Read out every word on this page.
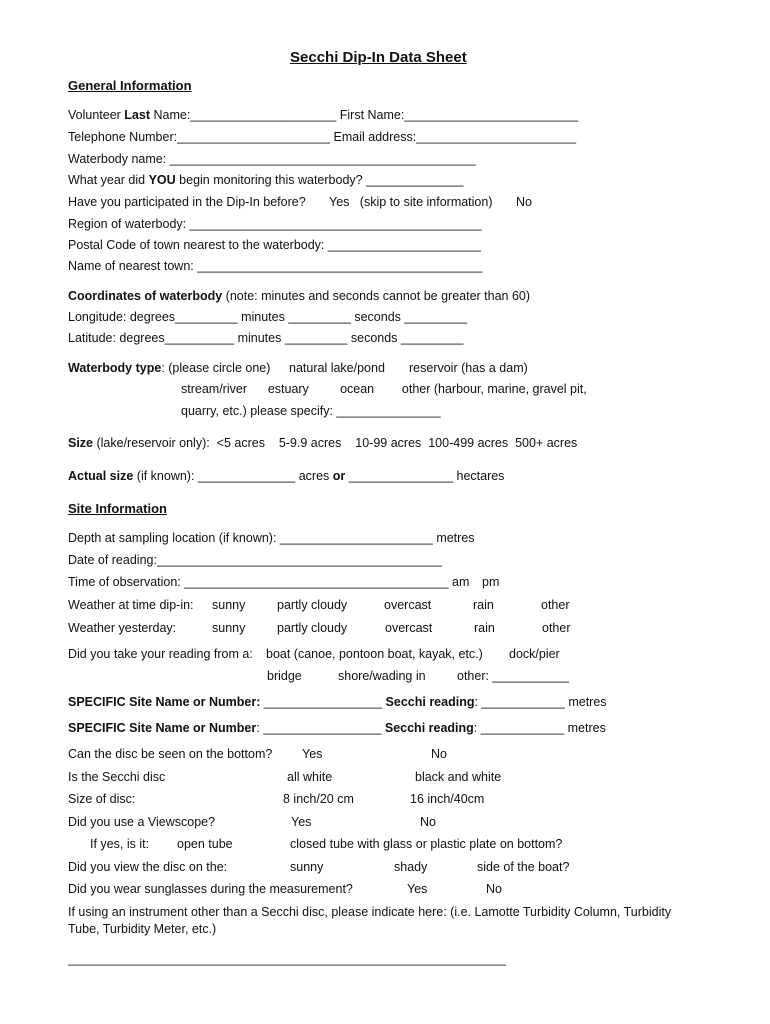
Secchi Dip-In Data Sheet
General Information
Volunteer Last Name:_____________________ First Name:_________________________
Telephone Number:______________________ Email address:_______________________
Waterbody name: ____________________________________________
What year did YOU begin monitoring this waterbody? ______________
Have you participated in the Dip-In before? Yes   (skip to site information) No
Region of waterbody: __________________________________________
Postal Code of town nearest to the waterbody: ______________________
Name of nearest town: _________________________________________
Coordinates of waterbody (note: minutes and seconds cannot be greater than 60)
Longitude: degrees_________ minutes _________ seconds _________
Latitude: degrees__________ minutes _________ seconds _________
Waterbody type: (please circle one) natural lake/pond reservoir (has a dam)
stream/river      estuary         ocean        other (harbour, marine, gravel pit,
quarry, etc.) please specify: _______________
Size (lake/reservoir only):  <5 acres    5-9.9 acres    10-99 acres  100-499 acres  500+ acres
Actual size (if known): ______________ acres or _______________ hectares
Site Information
Depth at sampling location (if known): ______________________ metres
Date of reading:_________________________________________
Time of observation: ______________________________________ am pm
Weather at time dip-in: sunny	partly cloudy	overcast	rain	other
Weather yesterday:	sunny	partly cloudy	overcast	rain	other
Did you take your reading from a: boat (canoe, pontoon boat, kayak, etc.) dock/pier
bridge	shore/wading in	other: ___________
SPECIFIC Site Name or Number: _________________ Secchi reading: ____________ metres
SPECIFIC Site Name or Number: _________________ Secchi reading: ____________ metres
Can the disc be seen on the bottom? Yes	No
Is the Secchi disc	all white	black and white
Size of disc:	8 inch/20 cm	16 inch/40cm
Did you use a Viewscope?	Yes	No
If yes, is it: open tube	closed tube with glass or plastic plate on bottom?
Did you view the disc on the:	sunny	shady	side of the boat?
Did you wear sunglasses during the measurement?	Yes	No
If using an instrument other than a Secchi disc, please indicate here: (i.e. Lamotte Turbidity Column, Turbidity
Tube, Turbidity Meter, etc.)
_______________________________________________________________
